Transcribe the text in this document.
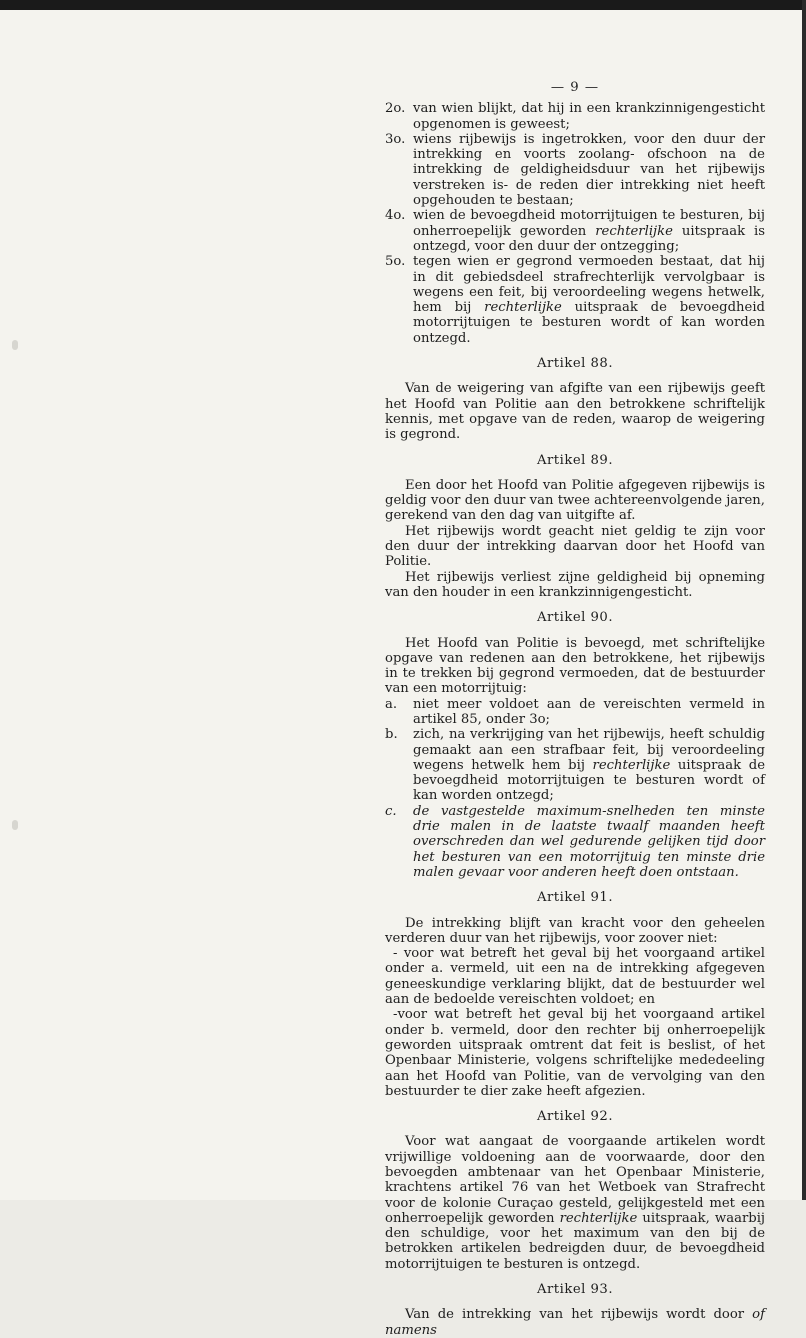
— 9 —

2o. van wien blijkt, dat hij in een krankzinnigengesticht opgenomen is geweest;
3o. wiens rijbewijs is ingetrokken, voor den duur der intrekking en voorts zoolang- ofschoon na de intrekking de geldigheidsduur van het rijbewijs verstreken is- de reden dier intrekking niet heeft opgehouden te bestaan;
4o. wien de bevoegdheid motorrijtuigen te besturen, bij onherroepelijk geworden rechterlijke uitspraak is ontzegd, voor den duur der ontzegging;
5o. tegen wien er gegrond vermoeden bestaat, dat hij in dit gebiedsdeel strafrechterlijk vervolgbaar is wegens een feit, bij veroordeeling wegens hetwelk, hem bij rechterlijke uitspraak de bevoegdheid motorrijtuigen te besturen wordt of kan worden ontzegd.

Artikel 88.

Van de weigering van afgifte van een rijbewijs geeft het Hoofd van Politie aan den betrokkene schriftelijk kennis, met opgave van de reden, waarop de weigering is gegrond.

Artikel 89.

Een door het Hoofd van Politie afgegeven rijbewijs is geldig voor den duur van twee achtereenvolgende jaren, gerekend van den dag van uitgifte af.

Het rijbewijs wordt geacht niet geldig te zijn voor den duur der intrekking daarvan door het Hoofd van Politie.

Het rijbewijs verliest zijne geldigheid bij opneming van den houder in een krankzinnigengesticht.

Artikel 90.

Het Hoofd van Politie is bevoegd, met schriftelijke opgave van redenen aan den betrokkene, het rijbewijs in te trekken bij gegrond vermoeden, dat de bestuurder van een motorrijtuig:

a.	niet meer voldoet aan de vereischten vermeld in artikel 85, onder 3o;
b.	zich, na verkrijging van het rijbewijs, heeft schuldig gemaakt aan een strafbaar feit, bij veroordeeling wegens hetwelk hem bij rechterlijke uitspraak de bevoegdheid motorrijtuigen te besturen wordt of kan worden ontzegd;
c.	de vastgestelde maximum-snelheden ten minste drie malen in de laatste twaalf maanden heeft overschreden dan wel gedurende gelijken tijd door het besturen van een motorrijtuig ten minste drie malen gevaar voor anderen heeft doen ontstaan.

Artikel 91.

De intrekking blijft van kracht voor den geheelen verderen duur van het rijbewijs, voor zoover niet:

- voor wat betreft het geval bij het voorgaand artikel onder a. vermeld, uit een na de intrekking afgegeven geneeskundige verklaring blijkt, dat de bestuurder wel aan de bedoelde vereischten voldoet; en

-voor wat betreft het geval bij het voorgaand artikel onder b. vermeld, door den rechter bij onherroepelijk geworden uitspraak omtrent dat feit is beslist, of het Openbaar Ministerie, volgens schriftelijke mededeeling aan het Hoofd van Politie, van de vervolging van den bestuurder te dier zake heeft afgezien.

Artikel 92.

Voor wat aangaat de voorgaande artikelen wordt vrijwillige voldoening aan de voorwaarde, door den bevoegden ambtenaar van het Openbaar Ministerie, krachtens artikel 76 van het Wetboek van Strafrecht voor de kolonie Curaçao gesteld, gelijkgesteld met een onherroepelijk geworden rechterlijke uitspraak, waarbij den schuldige, voor het maximum van den bij de betrokken artikelen bedreigden duur, de bevoegdheid motorrijtuigen te besturen is ontzegd.

Artikel 93.

Van de intrekking van het rijbewijs wordt door of namens
